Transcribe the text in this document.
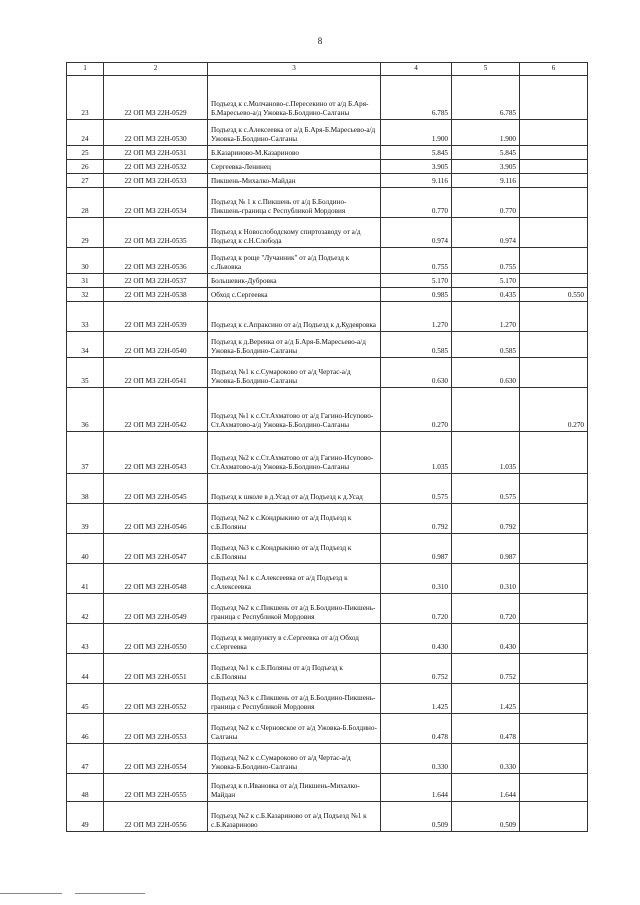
8
1	2	3	4	5	6
23	22 ОП МЗ 22Н-0529	Подъезд к с.Молчаново-с.Пересекино от а/д Б.Аря-Б.Маресьево-а/д Ужовка-Б.Болдино-Салганы	6.785	6.785	
24	22 ОП МЗ 22Н-0530	Подъезд к с.Алексеевка от а/д Б.Аря-Б.Маресьево-а/д Ужовка-Б.Болдино-Салганы	1.900	1.900	
25	22 ОП МЗ 22Н-0531	Б.Казарииово-М.Казариново	5.845	5.845	
26	22 ОП МЗ 22Н-0532	Сергеевка-Ленинец	3.905	3.905	
27	22 ОП МЗ 22Н-0533	Пикшень-Михалко-Майдан	9.116	9.116	
28	22 ОП МЗ 22Н-0534	Подъезд № 1 к с.Пикшень от а/д Б.Болдино-Пикшень-граница с Республикой Мордовия	0.770	0.770	
29	22 ОП МЗ 22Н-0535	Подъезд к Новослободскому спиртозаводу от а/д Подъезд к с.Н.Слобода	0.974	0.974	
30	22 ОП МЗ 22Н-0536	Подъезд к роще "Лучанник" от а/д Подъезд к с.Львовка	0.755	0.755	
31	22 ОП МЗ 22Н-0537	Большевик-Дубровка	5.170	5.170	
32	22 ОП МЗ 22Н-0538	Обход с.Сергеевка	0.985	0.435	0.550
33	22 ОП МЗ 22Н-0539	Подъезд к с.Апраксино от а/д Подъезд к д.Кудеяровка	1.270	1.270	
34	22 ОП МЗ 22Н-0540	Подъезд к д.Веренка от а/д Б.Аря-Б.Маресьево-а/д Ужовка-Б.Болдино-Салганы	0.585	0.585	
35	22 ОП МЗ 22Н-0541	Подъезд №1 к с.Сумароково от а/д Чертас-а/д Ужовка-Б.Болдино-Салганы	0.630	0.630	
36	22 ОП МЗ 22Н-0542	Подъезд №1 к с.Ст.Ахматово от а/д Гагино-Исупово-Ст.Ахматово-а/д Ужовка-Б.Болдино-Салганы	0.270		0.270
37	22 ОП МЗ 22Н-0543	Подъезд №2 к с.Ст.Ахматово от а/д Гагино-Исупово-Ст.Ахматово-а/д Ужовка-Б.Болдино-Салганы	1.035	1.035	
38	22 ОП МЗ 22Н-0545	Подъезд к школе в д.Усад от а/д Подъезд к д.Усад	0.575	0.575	
39	22 ОП МЗ 22Н-0546	Подъезд №2 к с.Кондрыкино от а/д Подъезд к с.Б.Поляны	0.792	0.792	
40	22 ОП МЗ 22Н-0547	Подъезд №3 к с.Кондрыкино от а/д Подъезд к с.Б.Поляны	0.987	0.987	
41	22 ОП МЗ 22Н-0548	Подъезд №1 к с.Алексеевка от а/д Подъезд к с.Алексеевка	0.310	0.310	
42	22 ОП МЗ 22Н-0549	Подъезд №2 к с.Пикшень от а/д Б.Болдино-Пикшень-граница с Республикой Мордовия	0.720	0.720	
43	22 ОП МЗ 22Н-0550	Подъезд к медпункту в с.Сергеевка от а/д Обход с.Сергеевка	0.430	0.430	
44	22 ОП МЗ 22Н-0551	Подъезд №1 к с.Б.Поляны от а/д Подъезд к с.Б.Поляны	0.752	0.752	
45	22 ОП МЗ 22Н-0552	Подъезд №3 к с.Пикшень от а/д Б.Болдино-Пикшень-граница с Республикой Мордовия	1.425	1.425	
46	22 ОП МЗ 22Н-0553	Подъезд №2 к с.Черновское от а/д Ужовка-Б.Болдино-Салганы	0.478	0.478	
47	22 ОП МЗ 22Н-0554	Подъезд №2 к с.Сумароково от а/д Чертас-а/д Ужовка-Б.Болдино-Салганы	0.330	0.330	
48	22 ОП МЗ 22Н-0555	Подъезд к п.Ивановка от а/д Пикшень-Михалко-Майдан	1.644	1.644	
49	22 ОП МЗ 22Н-0556	Подъезд №2 к с.Б.Казариново от а/д Подъезд №1 к с.Б.Казариново	0.509	0.509	
